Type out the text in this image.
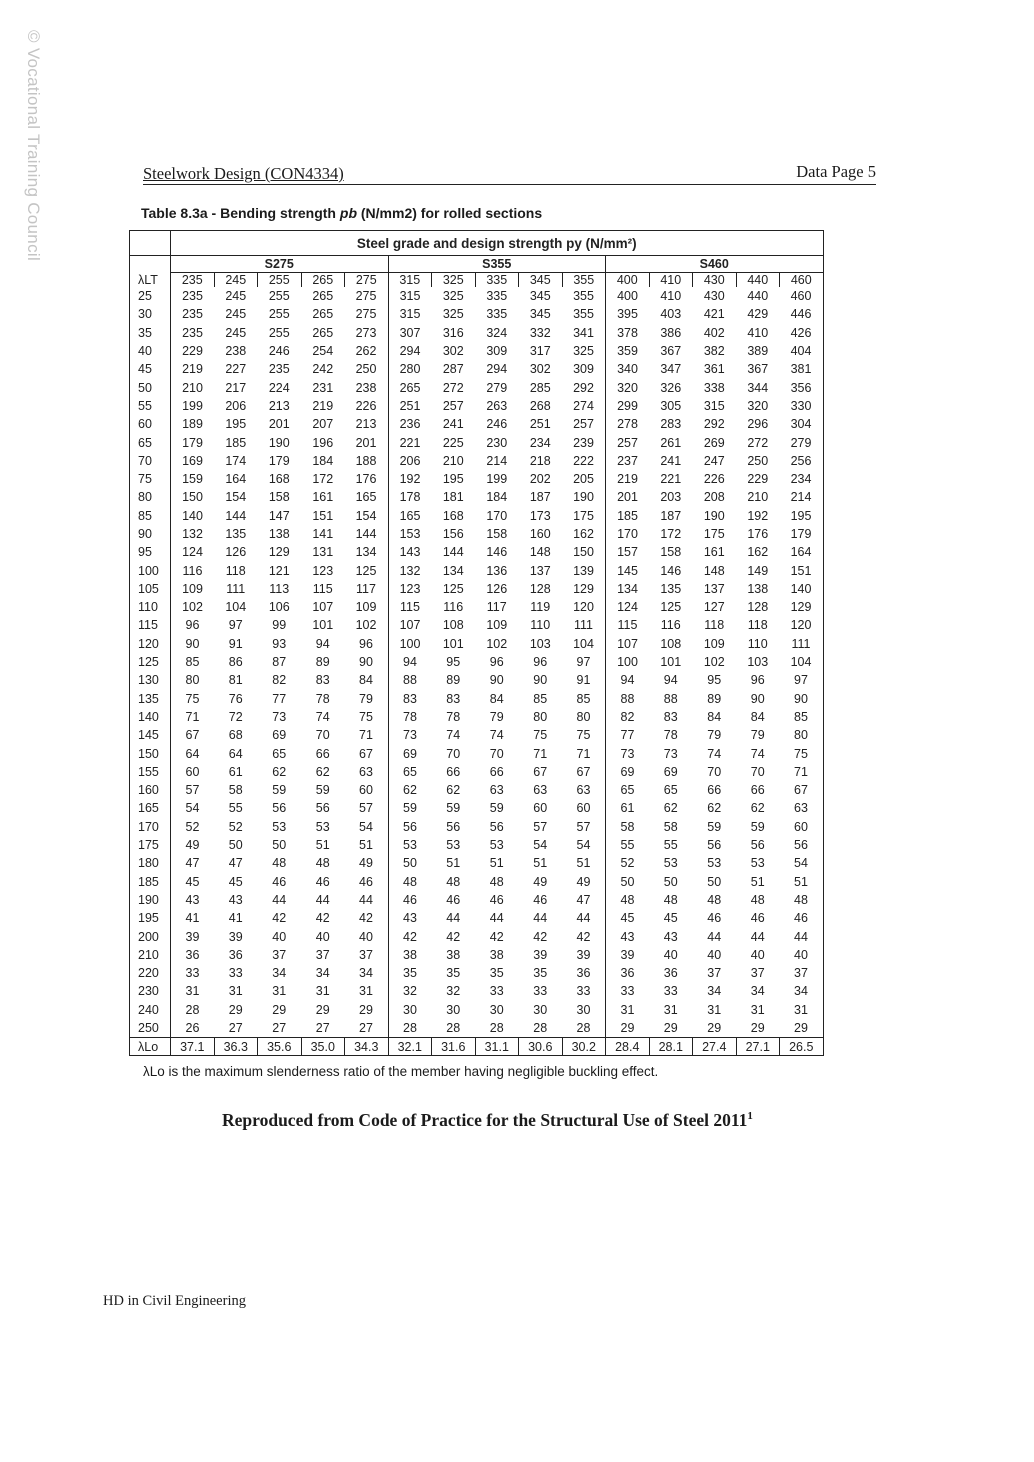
© Vocational Training Council	Steelwork Design (CON4334)	Data Page 5
Table 8.3a - Bending strength pb (N/mm2) for rolled sections
	Steel grade and design strength py (N/mm²)														
	S275					S355					S460				
λLT	235	245	255	265	275	315	325	335	345	355	400	410	430	440	460
25	235	245	255	265	275	315	325	335	345	355	400	410	430	440	460
30	235	245	255	265	275	315	325	335	345	355	395	403	421	429	446
35	235	245	255	265	273	307	316	324	332	341	378	386	402	410	426
40	229	238	246	254	262	294	302	309	317	325	359	367	382	389	404
45	219	227	235	242	250	280	287	294	302	309	340	347	361	367	381
50	210	217	224	231	238	265	272	279	285	292	320	326	338	344	356
55	199	206	213	219	226	251	257	263	268	274	299	305	315	320	330
60	189	195	201	207	213	236	241	246	251	257	278	283	292	296	304
65	179	185	190	196	201	221	225	230	234	239	257	261	269	272	279
70	169	174	179	184	188	206	210	214	218	222	237	241	247	250	256
75	159	164	168	172	176	192	195	199	202	205	219	221	226	229	234
80	150	154	158	161	165	178	181	184	187	190	201	203	208	210	214
85	140	144	147	151	154	165	168	170	173	175	185	187	190	192	195
90	132	135	138	141	144	153	156	158	160	162	170	172	175	176	179
95	124	126	129	131	134	143	144	146	148	150	157	158	161	162	164
100	116	118	121	123	125	132	134	136	137	139	145	146	148	149	151
105	109	111	113	115	117	123	125	126	128	129	134	135	137	138	140
110	102	104	106	107	109	115	116	117	119	120	124	125	127	128	129
115	96	97	99	101	102	107	108	109	110	111	115	116	118	118	120
120	90	91	93	94	96	100	101	102	103	104	107	108	109	110	111
125	85	86	87	89	90	94	95	96	96	97	100	101	102	103	104
130	80	81	82	83	84	88	89	90	90	91	94	94	95	96	97
135	75	76	77	78	79	83	83	84	85	85	88	88	89	90	90
140	71	72	73	74	75	78	78	79	80	80	82	83	84	84	85
145	67	68	69	70	71	73	74	74	75	75	77	78	79	79	80
150	64	64	65	66	67	69	70	70	71	71	73	73	74	74	75
155	60	61	62	62	63	65	66	66	67	67	69	69	70	70	71
160	57	58	59	59	60	62	62	63	63	63	65	65	66	66	67
165	54	55	56	56	57	59	59	59	60	60	61	62	62	62	63
170	52	52	53	53	54	56	56	56	57	57	58	58	59	59	60
175	49	50	50	51	51	53	53	53	54	54	55	55	56	56	56
180	47	47	48	48	49	50	51	51	51	51	52	53	53	53	54
185	45	45	46	46	46	48	48	48	49	49	50	50	50	51	51
190	43	43	44	44	44	46	46	46	46	47	48	48	48	48	48
195	41	41	42	42	42	43	44	44	44	44	45	45	46	46	46
200	39	39	40	40	40	42	42	42	42	42	43	43	44	44	44
210	36	36	37	37	37	38	38	38	39	39	39	40	40	40	40
220	33	33	34	34	34	35	35	35	35	36	36	36	37	37	37
230	31	31	31	31	31	32	32	33	33	33	33	33	34	34	34
240	28	29	29	29	29	30	30	30	30	30	31	31	31	31	31
250	26	27	27	27	27	28	28	28	28	28	29	29	29	29	29
λLo	37.1	36.3	35.6	35.0	34.3	32.1	31.6	31.1	30.6	30.2	28.4	28.1	27.4	27.1	26.5
λLo is the maximum slenderness ratio of the member having negligible buckling effect.
Reproduced from Code of Practice for the Structural Use of Steel 2011$^1$
HD in Civil Engineering
